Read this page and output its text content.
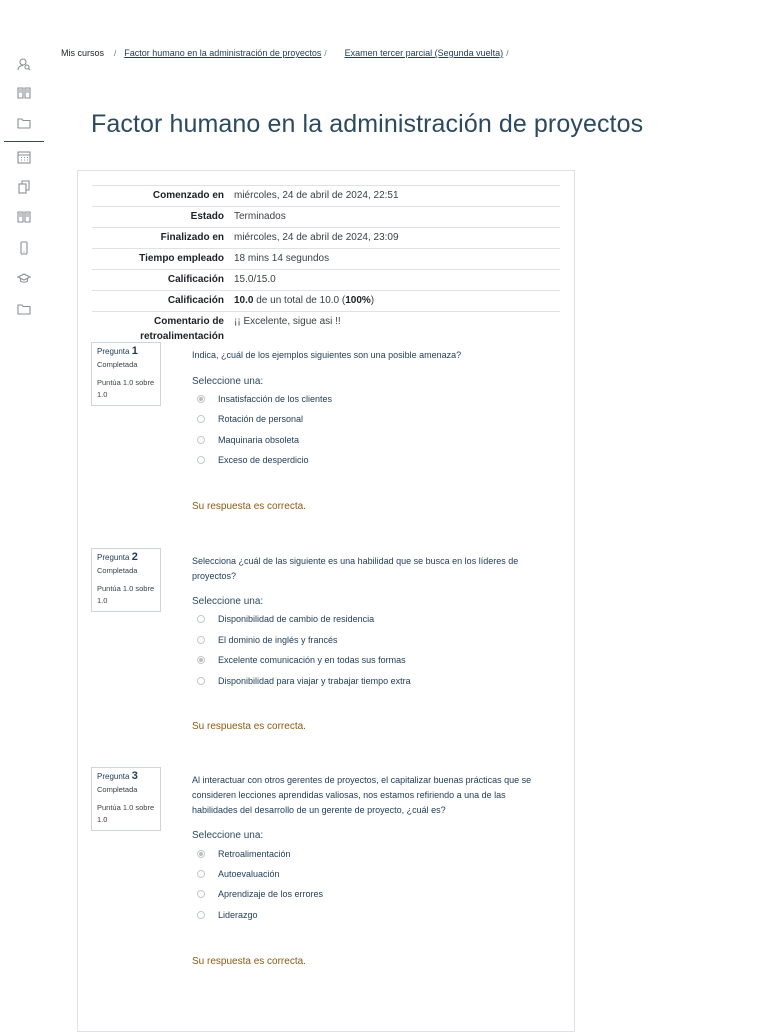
Mis cursos / Factor humano en la administración de proyectos / Examen tercer parcial (Segunda vuelta) /
Factor humano en la administración de proyectos
Comenzado en	miércoles, 24 de abril de 2024, 22:51
Estado	Terminados
Finalizado en	miércoles, 24 de abril de 2024, 23:09
Tiempo empleado	18 mins 14 segundos
Calificación	15.0/15.0
Calificación	10.0 de un total de 10.0 (100%)
Comentario de retroalimentación	¡¡ Excelente, sigue asi !!
Pregunta 1
Completada
Puntúa 1.0 sobre 1.0
Indica, ¿cuál de los ejemplos siguientes son una posible amenaza?
Seleccione una:
Insatisfacción de los clientes
Rotación de personal
Maquinaria obsoleta
Exceso de desperdicio
Su respuesta es correcta.
Pregunta 2
Completada
Puntúa 1.0 sobre 1.0
Selecciona ¿cuál de las siguiente es una habilidad que se busca en los líderes de proyectos?
Seleccione una:
Disponibilidad de cambio de residencia
El dominio de inglés y francés
Excelente comunicación y en todas sus formas
Disponibilidad para viajar y trabajar tiempo extra
Su respuesta es correcta.
Pregunta 3
Completada
Puntúa 1.0 sobre 1.0
Al interactuar con otros gerentes de proyectos, el capitalizar buenas prácticas que se consideren lecciones aprendidas valiosas, nos estamos refiriendo a una de las habilidades del desarrollo de un gerente de proyecto, ¿cuál es?
Seleccione una:
Retroalimentación
Autoevaluación
Aprendizaje de los errores
Liderazgo
Su respuesta es correcta.
